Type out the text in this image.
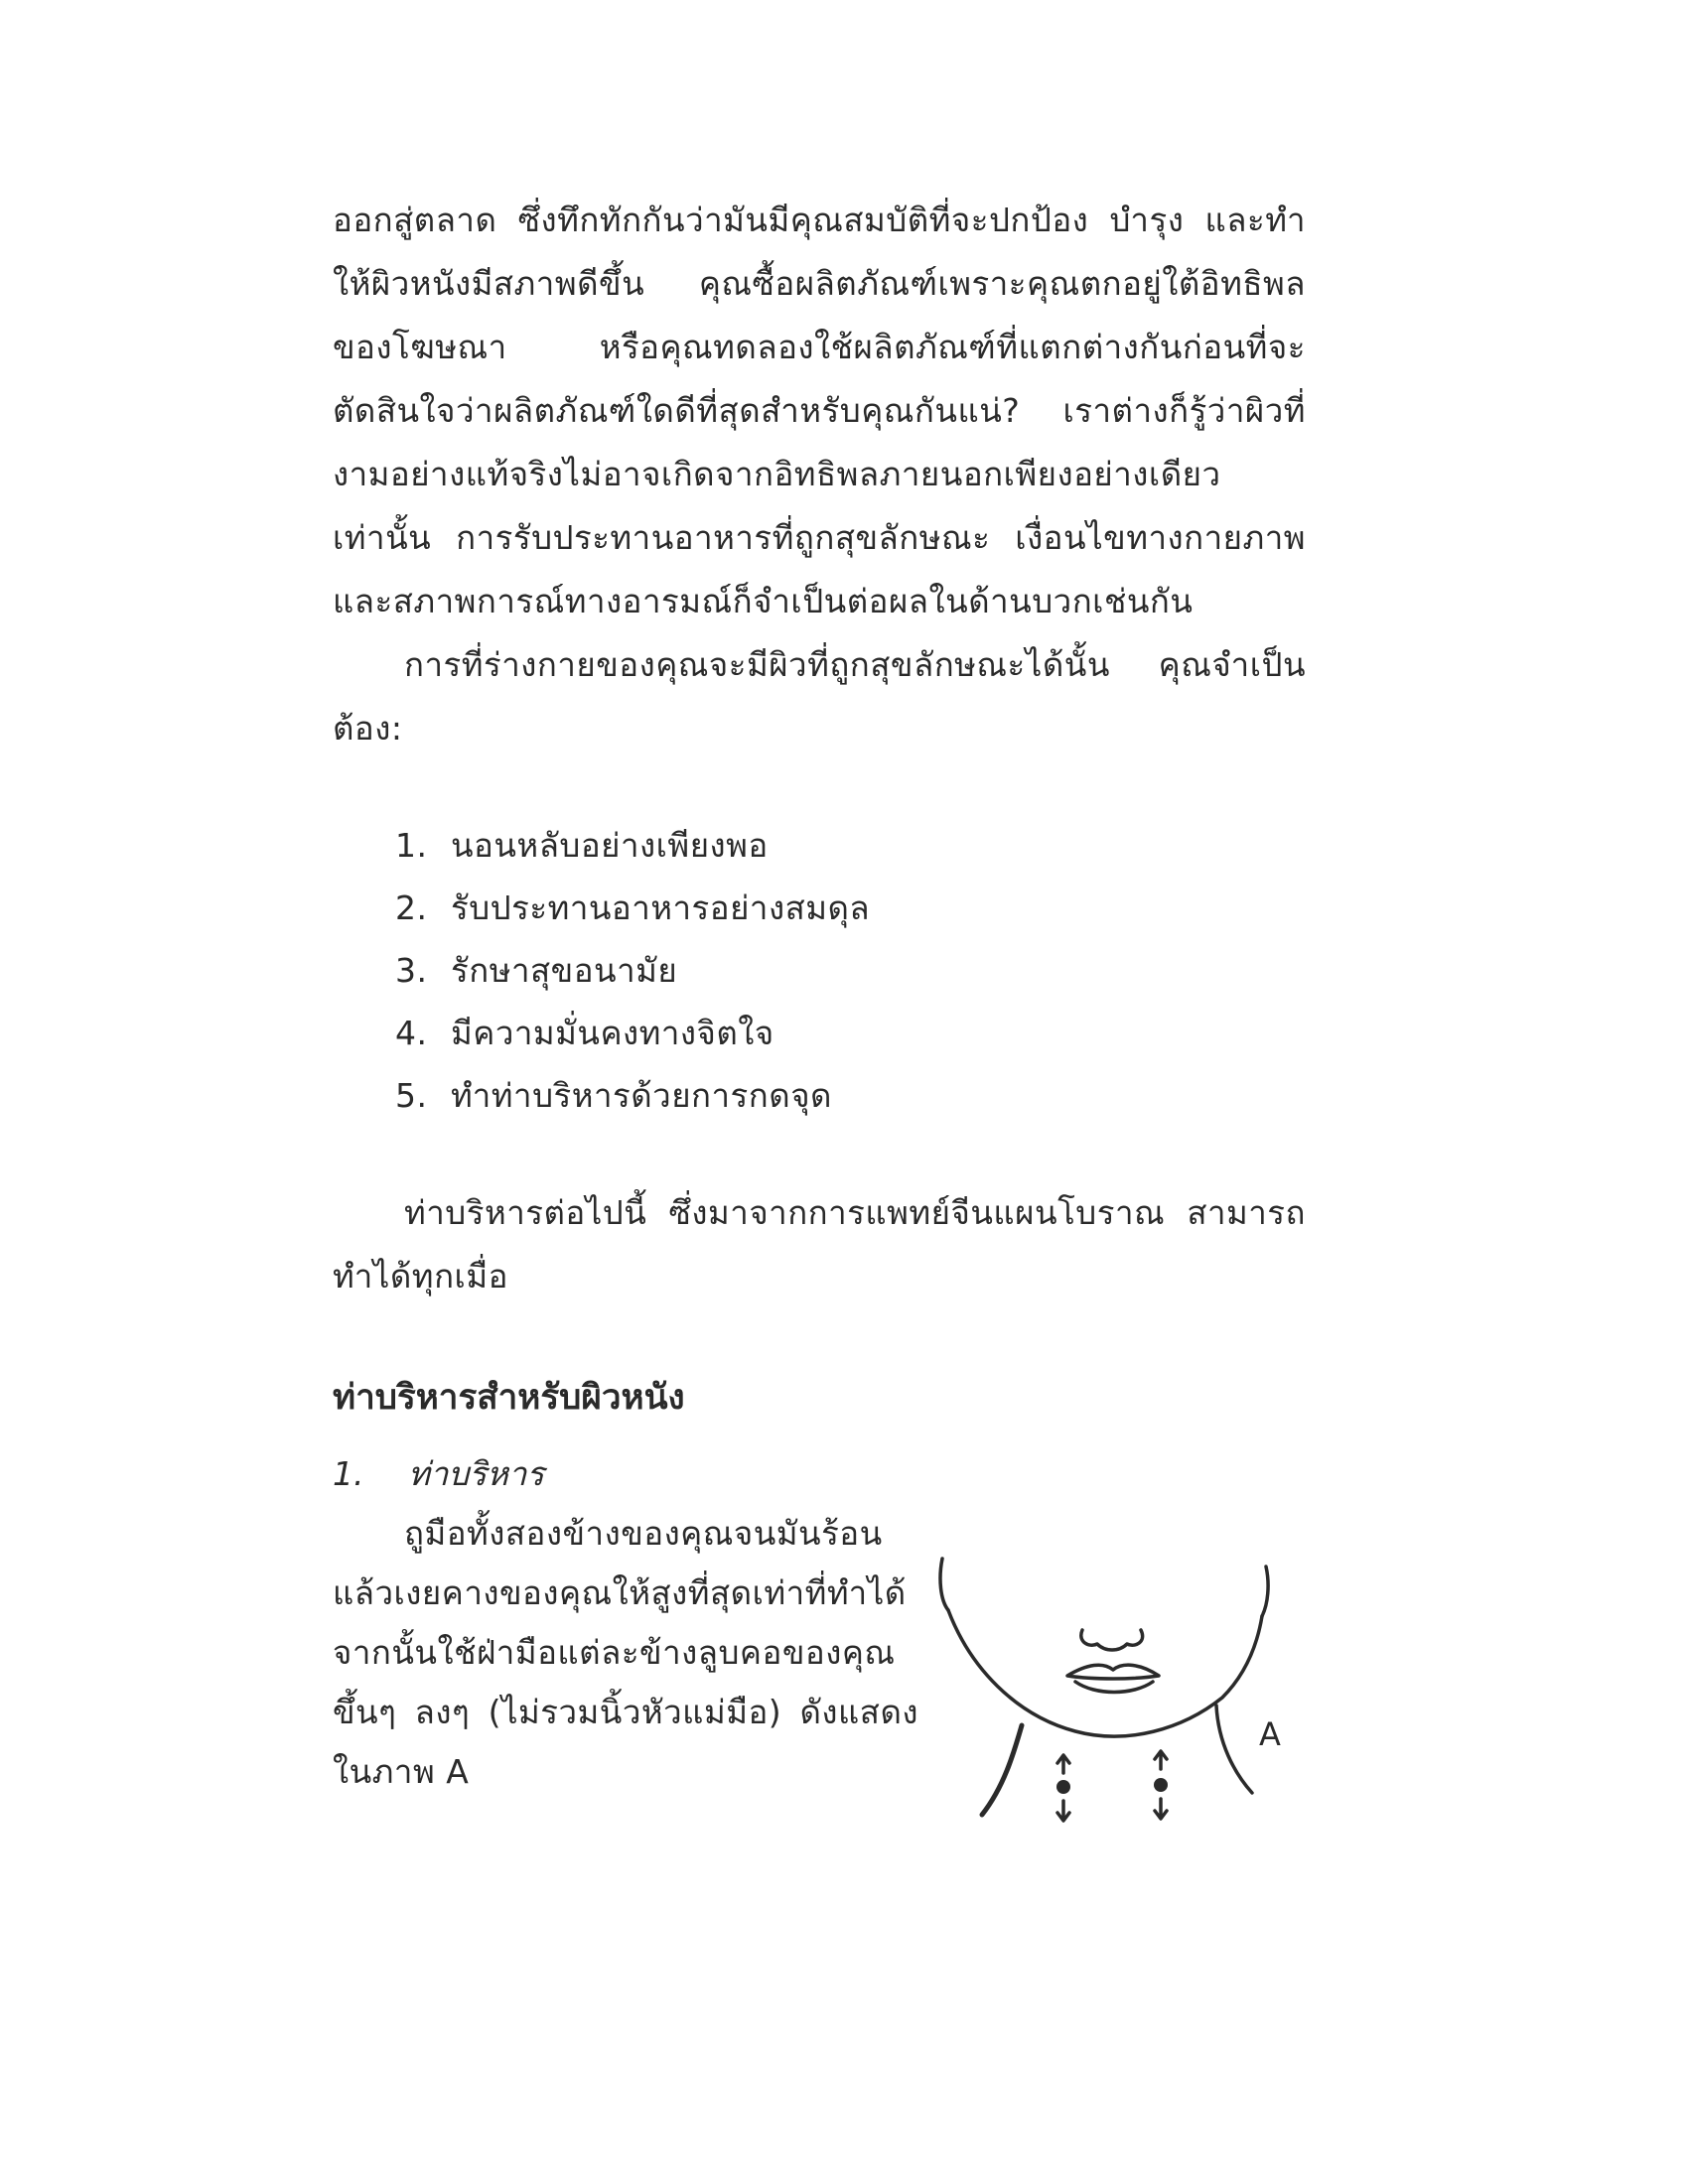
ออกสู่ตลาด ซึ่งทึกทักกันว่ามันมีคุณสมบัติที่จะปกป้อง บำรุง และทำ
ให้ผิวหนังมีสภาพดีขึ้น คุณซื้อผลิตภัณฑ์เพราะคุณตกอยู่ใต้อิทธิพล
ของโฆษณา หรือคุณทดลองใช้ผลิตภัณฑ์ที่แตกต่างกันก่อนที่จะ
ตัดสินใจว่าผลิตภัณฑ์ใดดีที่สุดสำหรับคุณกันแน่? เราต่างก็รู้ว่าผิวที่
งามอย่างแท้จริงไม่อาจเกิดจากอิทธิพลภายนอกเพียงอย่างเดียว
เท่านั้น การรับประทานอาหารที่ถูกสุขลักษณะ เงื่อนไขทางกายภาพ
และสภาพการณ์ทางอารมณ์ก็จำเป็นต่อผลในด้านบวกเช่นกัน
การที่ร่างกายของคุณจะมีผิวที่ถูกสุขลักษณะได้นั้น คุณจำเป็น
ต้อง:
1. นอนหลับอย่างเพียงพอ
2. รับประทานอาหารอย่างสมดุล
3. รักษาสุขอนามัย
4. มีความมั่นคงทางจิตใจ
5. ทำท่าบริหารด้วยการกดจุด
ท่าบริหารต่อไปนี้ ซึ่งมาจากการแพทย์จีนแผนโบราณ สามารถ
ทำได้ทุกเมื่อ
ท่าบริหารสำหรับผิวหนัง
1. ท่าบริหาร
ถูมือทั้งสองข้างของคุณจนมันร้อน
แล้วเงยคางของคุณให้สูงที่สุดเท่าที่ทำได้
จากนั้นใช้ฝ่ามือแต่ละข้างลูบคอของคุณ
ขึ้นๆ ลงๆ (ไม่รวมนิ้วหัวแม่มือ) ดังแสดง
ในภาพ A

A
